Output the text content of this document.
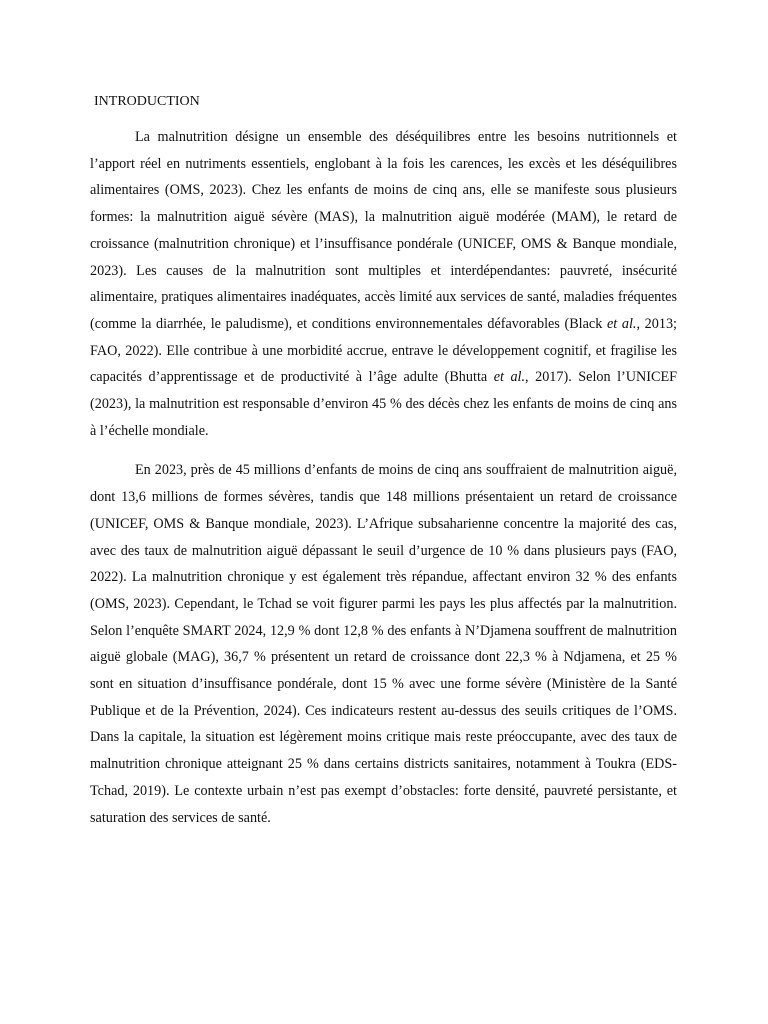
INTRODUCTION

La malnutrition désigne un ensemble des déséquilibres entre les besoins nutritionnels et l’apport réel en nutriments essentiels, englobant à la fois les carences, les excès et les déséquilibres alimentaires (OMS, 2023). Chez les enfants de moins de cinq ans, elle se manifeste sous plusieurs formes: la malnutrition aiguë sévère (MAS), la malnutrition aiguë modérée (MAM), le retard de croissance (malnutrition chronique) et l’insuffisance pondérale (UNICEF, OMS & Banque mondiale, 2023). Les causes de la malnutrition sont multiples et interdépendantes: pauvreté, insécurité alimentaire, pratiques alimentaires inadéquates, accès limité aux services de santé, maladies fréquentes (comme la diarrhée, le paludisme), et conditions environnementales défavorables (Black et al., 2013; FAO, 2022). Elle contribue à une morbidité accrue, entrave le développement cognitif, et fragilise les capacités d’apprentissage et de productivité à l’âge adulte (Bhutta et al., 2017). Selon l’UNICEF (2023), la malnutrition est responsable d’environ 45 % des décès chez les enfants de moins de cinq ans à l’échelle mondiale.

En 2023, près de 45 millions d’enfants de moins de cinq ans souffraient de malnutrition aiguë, dont 13,6 millions de formes sévères, tandis que 148 millions présentaient un retard de croissance (UNICEF, OMS & Banque mondiale, 2023). L’Afrique subsaharienne concentre la majorité des cas, avec des taux de malnutrition aiguë dépassant le seuil d’urgence de 10 % dans plusieurs pays (FAO, 2022). La malnutrition chronique y est également très répandue, affectant environ 32 % des enfants (OMS, 2023). Cependant, le Tchad se voit figurer parmi les pays les plus affectés par la malnutrition. Selon l’enquête SMART 2024, 12,9 % dont 12,8 % des enfants à N’Djamena souffrent de malnutrition aiguë globale (MAG), 36,7 % présentent un retard de croissance dont 22,3 % à Ndjamena, et 25 % sont en situation d’insuffisance pondérale, dont 15 % avec une forme sévère (Ministère de la Santé Publique et de la Prévention, 2024). Ces indicateurs restent au-dessus des seuils critiques de l’OMS. Dans la capitale, la situation est légèrement moins critique mais reste préoccupante, avec des taux de malnutrition chronique atteignant 25 % dans certains districts sanitaires, notamment à Toukra (EDS-Tchad, 2019). Le contexte urbain n’est pas exempt d’obstacles: forte densité, pauvreté persistante, et saturation des services de santé.
